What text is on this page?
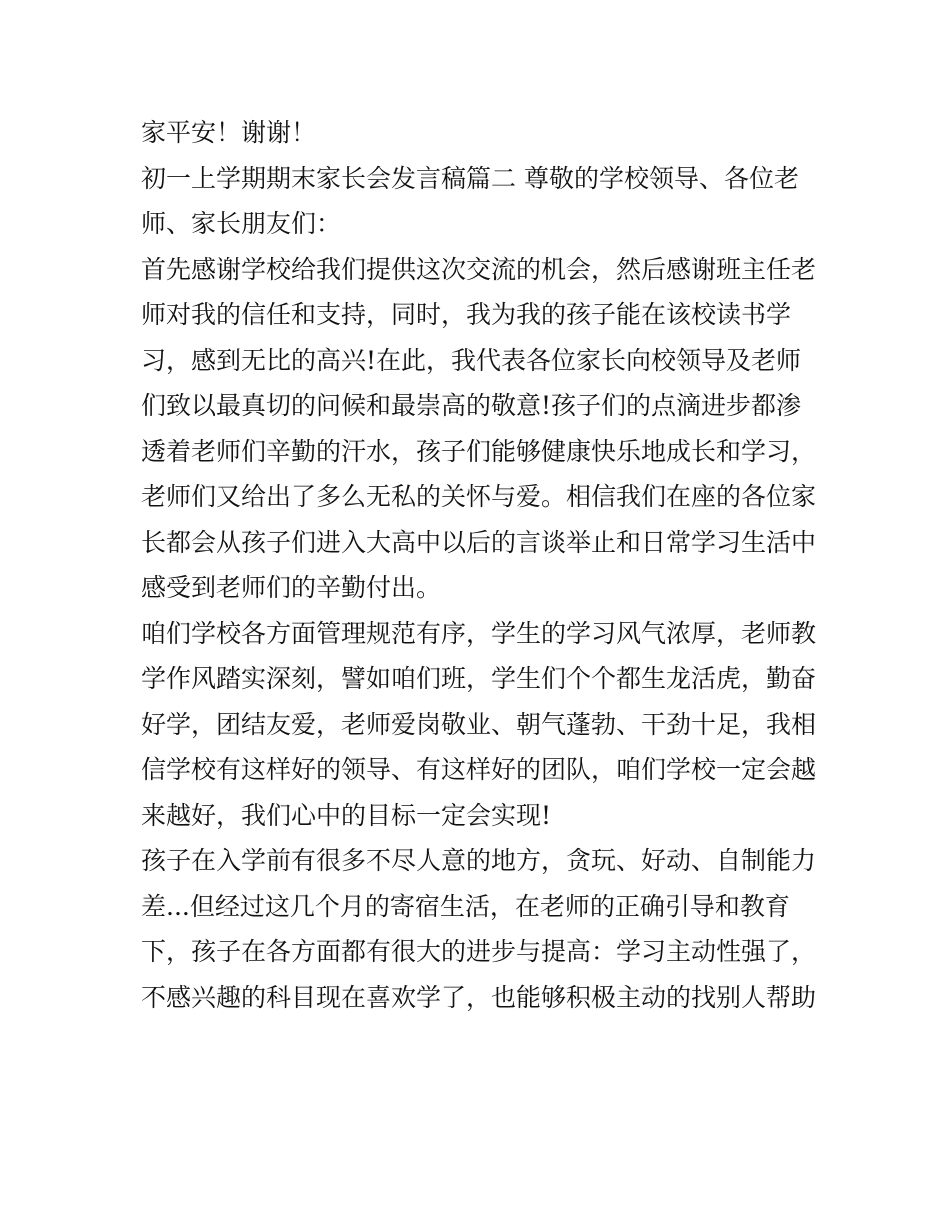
家平安！谢谢！
初一上学期期末家长会发言稿篇二 尊敬的学校领导、各位老
师、家长朋友们：
首先感谢学校给我们提供这次交流的机会，然后感谢班主任老
师对我的信任和支持，同时，我为我的孩子能在该校读书学
习，感到无比的高兴!在此，我代表各位家长向校领导及老师
们致以最真切的问候和最崇高的敬意!孩子们的点滴进步都渗
透着老师们辛勤的汗水，孩子们能够健康快乐地成长和学习，
老师们又给出了多么无私的关怀与爱。相信我们在座的各位家
长都会从孩子们进入大高中以后的言谈举止和日常学习生活中
感受到老师们的辛勤付出。
咱们学校各方面管理规范有序，学生的学习风气浓厚，老师教
学作风踏实深刻，譬如咱们班，学生们个个都生龙活虎，勤奋
好学，团结友爱，老师爱岗敬业、朝气蓬勃、干劲十足，我相
信学校有这样好的领导、有这样好的团队，咱们学校一定会越
来越好，我们心中的目标一定会实现!
孩子在入学前有很多不尽人意的地方，贪玩、好动、自制能力
差...但经过这几个月的寄宿生活，在老师的正确引导和教育
下，孩子在各方面都有很大的进步与提高：学习主动性强了，
不感兴趣的科目现在喜欢学了，也能够积极主动的找别人帮助
